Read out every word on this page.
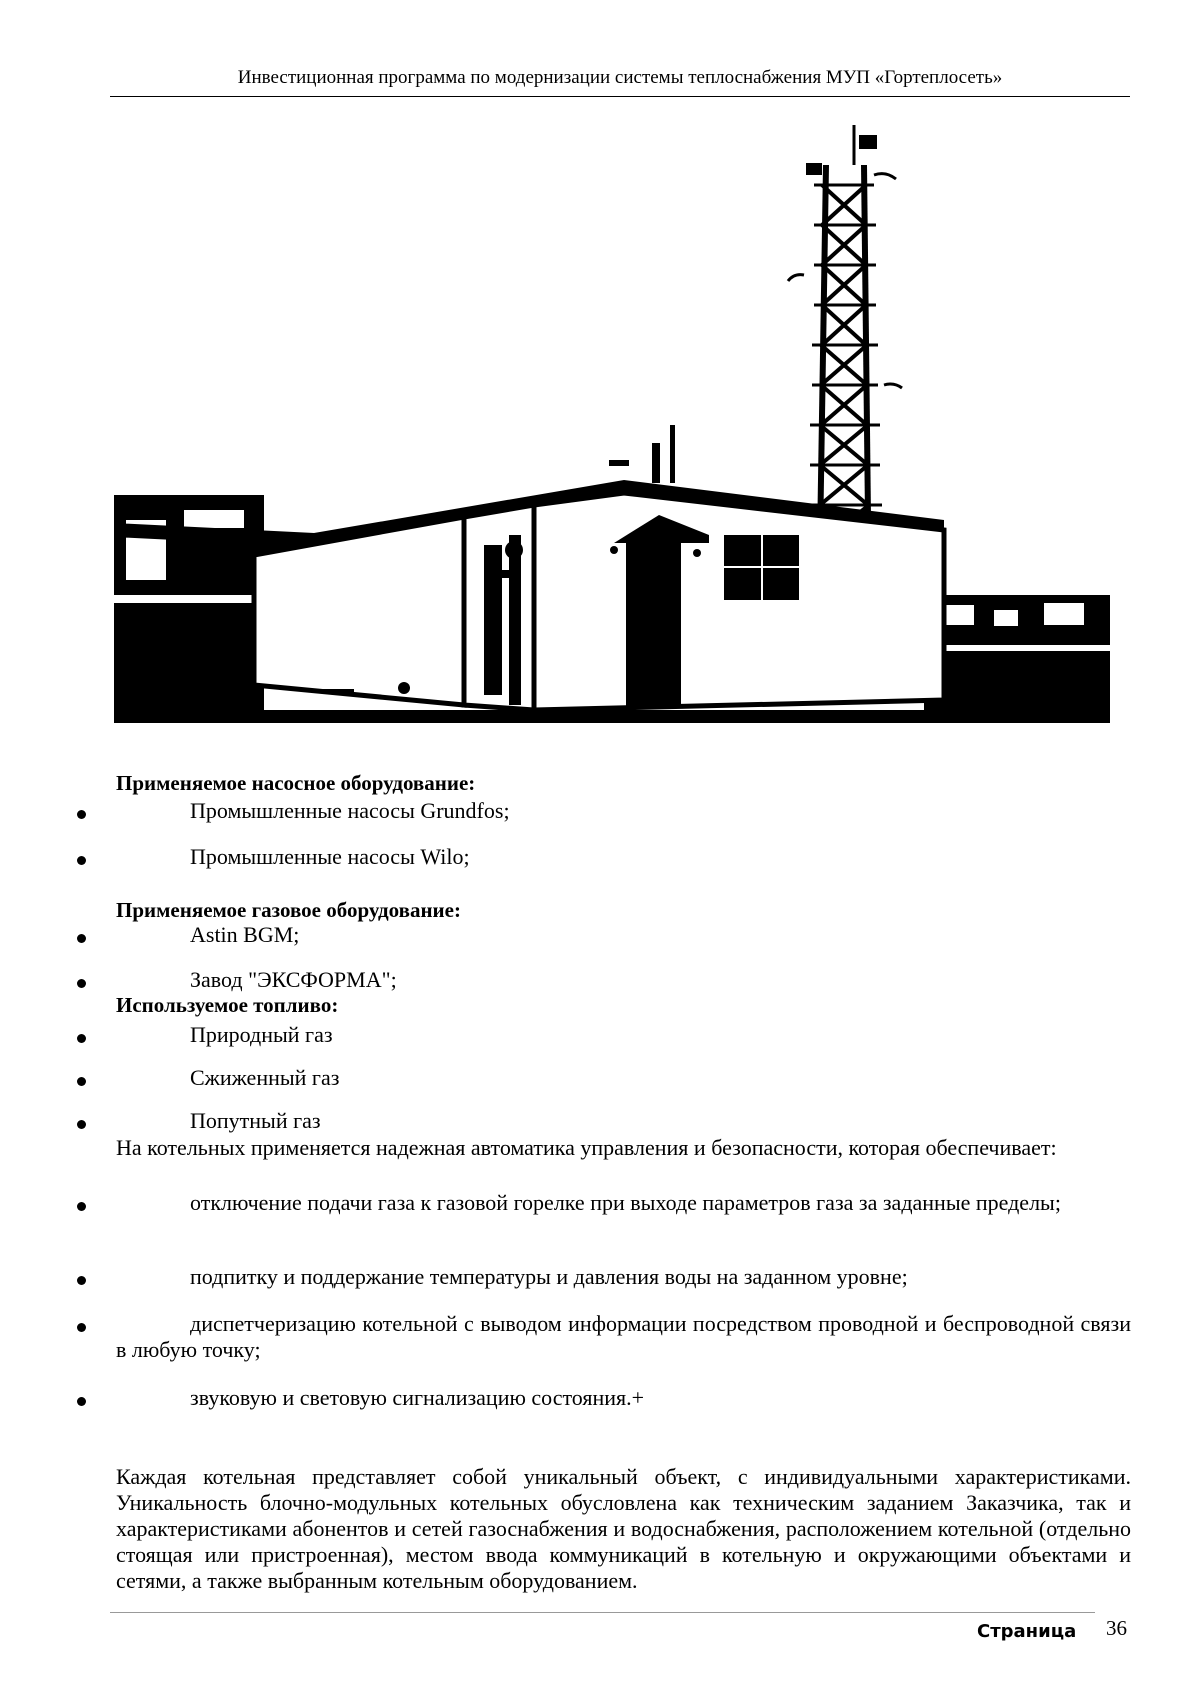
Инвестиционная программа по модернизации системы теплоснабжения МУП «Гортеплосеть»
Применяемое насосное оборудование:
Промышленные насосы Grundfos;
Промышленные насосы Wilo;
Применяемое газовое оборудование:
Astin BGM;
Завод "ЭКСФОРМА";
Используемое топливо:
Природный газ
Сжиженный газ
Попутный газ
На котельных применяется надежная автоматика управления и безопасности, которая обеспечивает:
отключение подачи газа к газовой горелке при выходе параметров газа за заданные пределы;
подпитку и поддержание температуры и давления воды на заданном уровне;
диспетчеризацию котельной с выводом информации посредством проводной и беспроводной связи в любую точку;
звуковую и световую сигнализацию состояния.+
Каждая котельная представляет собой уникальный объект, с индивидуальными характеристиками. Уникальность блочно-модульных котельных обусловлена как техническим заданием Заказчика, так и характеристиками абонентов и сетей газоснабжения и водоснабжения, расположением котельной (отдельно стоящая или пристроенная), местом ввода коммуникаций в котельную и окружающими объектами и сетями, а также выбранным котельным оборудованием.
Страница 36
